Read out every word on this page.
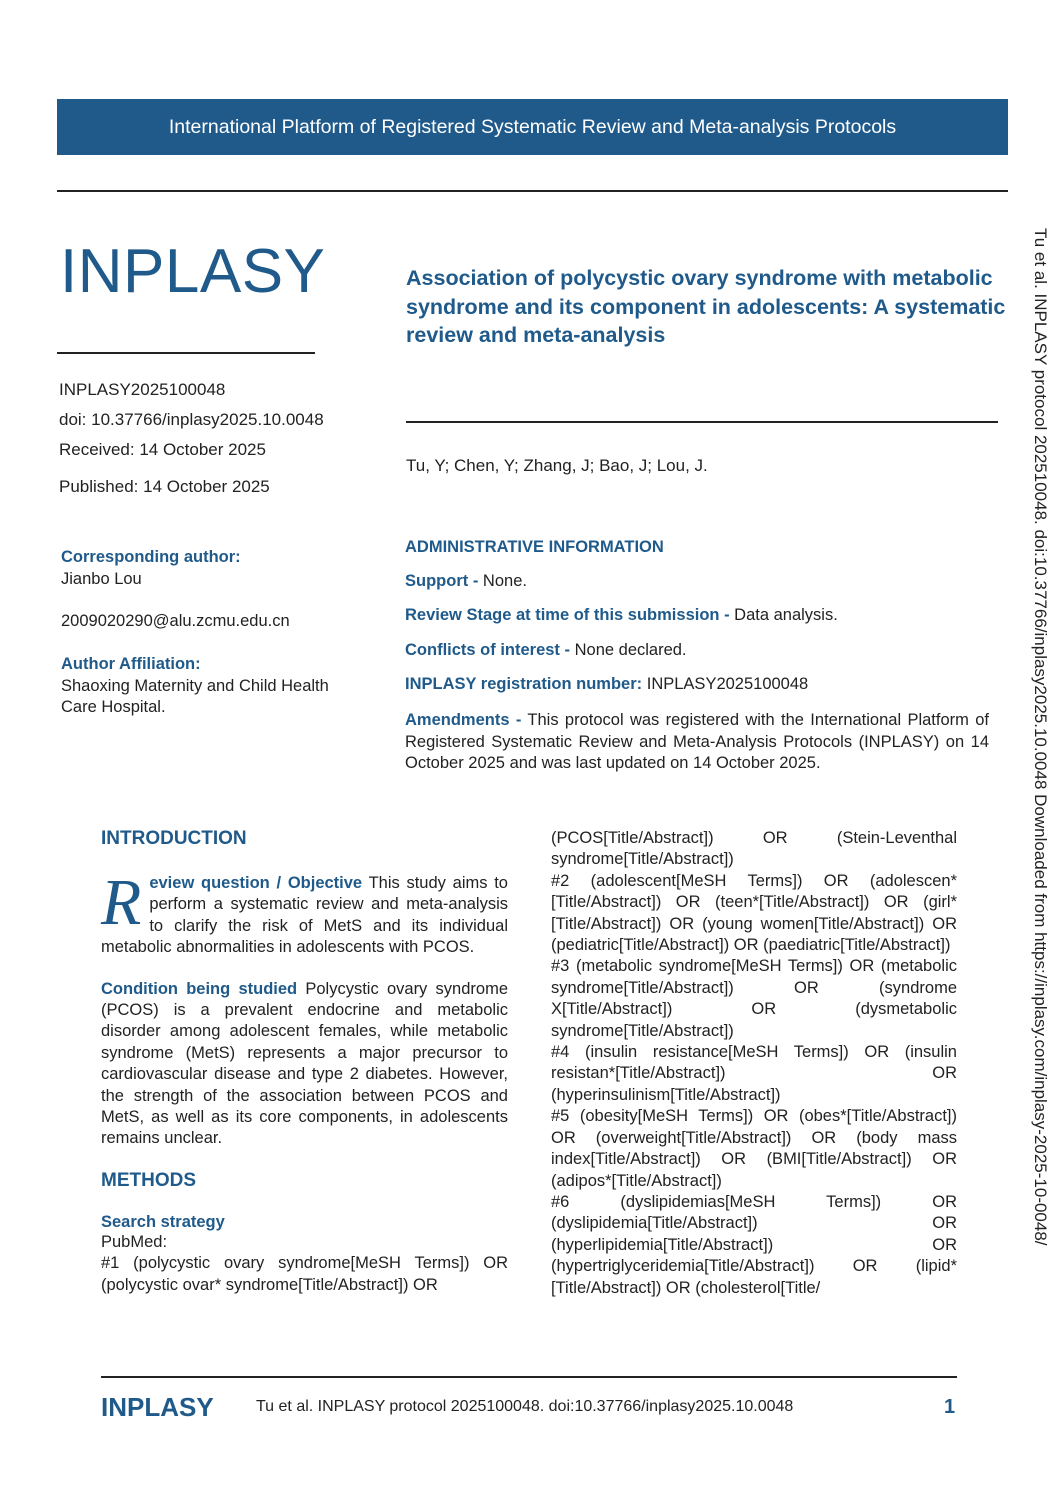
International Platform of Registered Systematic Review and Meta-analysis Protocols
INPLASY
INPLASY2025100048
doi: 10.37766/inplasy2025.10.0048
Received: 14 October 2025
Published: 14 October 2025
Association of polycystic ovary syndrome with metabolic syndrome and its component in adolescents: A systematic review and meta-analysis
Tu, Y; Chen, Y; Zhang, J; Bao, J; Lou, J.
Corresponding author:
Jianbo Lou
2009020290@alu.zcmu.edu.cn
Author Affiliation:
Shaoxing Maternity and Child Health Care Hospital.
ADMINISTRATIVE INFORMATION
Support - None.
Review Stage at time of this submission - Data analysis.
Conflicts of interest - None declared.
INPLASY registration number: INPLASY2025100048
Amendments - This protocol was registered with the International Platform of Registered Systematic Review and Meta-Analysis Protocols (INPLASY) on 14 October 2025 and was last updated on 14 October 2025.
INTRODUCTION
R eview question / Objective This study aims to perform a systematic review and meta-analysis to clarify the risk of MetS and its individual metabolic abnormalities in adolescents with PCOS.
Condition being studied Polycystic ovary syndrome (PCOS) is a prevalent endocrine and metabolic disorder among adolescent females, while metabolic syndrome (MetS) represents a major precursor to cardiovascular disease and type 2 diabetes. However, the strength of the association between PCOS and MetS, as well as its core components, in adolescents remains unclear.
METHODS
Search strategy
PubMed:
#1 (polycystic ovary syndrome[MeSH Terms]) OR (polycystic ovar* syndrome[Title/Abstract]) OR
(PCOS[Title/Abstract]) OR (Stein-Leventhal syndrome[Title/Abstract])
#2 (adolescent[MeSH Terms]) OR (adolescen*[Title/Abstract]) OR (teen*[Title/Abstract]) OR (girl*[Title/Abstract]) OR (young women[Title/Abstract]) OR (pediatric[Title/Abstract]) OR (paediatric[Title/Abstract])
#3 (metabolic syndrome[MeSH Terms]) OR (metabolic syndrome[Title/Abstract]) OR (syndrome X[Title/Abstract]) OR (dysmetabolic syndrome[Title/Abstract])
#4 (insulin resistance[MeSH Terms]) OR (insulin resistan*[Title/Abstract]) OR (hyperinsulinism[Title/Abstract])
#5 (obesity[MeSH Terms]) OR (obes*[Title/Abstract]) OR (overweight[Title/Abstract]) OR (body mass index[Title/Abstract]) OR (BMI[Title/Abstract]) OR (adipos*[Title/Abstract])
#6 (dyslipidemias[MeSH Terms]) OR (dyslipidemia[Title/Abstract]) OR (hyperlipidemia[Title/Abstract]) OR (hypertriglyceridemia[Title/Abstract]) OR (lipid*[Title/Abstract]) OR (cholesterol[Title/
Tu et al. INPLASY protocol 202510048. doi:10.37766/inplasy2025.10.0048 Downloaded from https://inplasy.com/inplasy-2025-10-0048/
INPLASY	Tu et al. INPLASY protocol 2025100048. doi:10.37766/inplasy2025.10.0048	1
